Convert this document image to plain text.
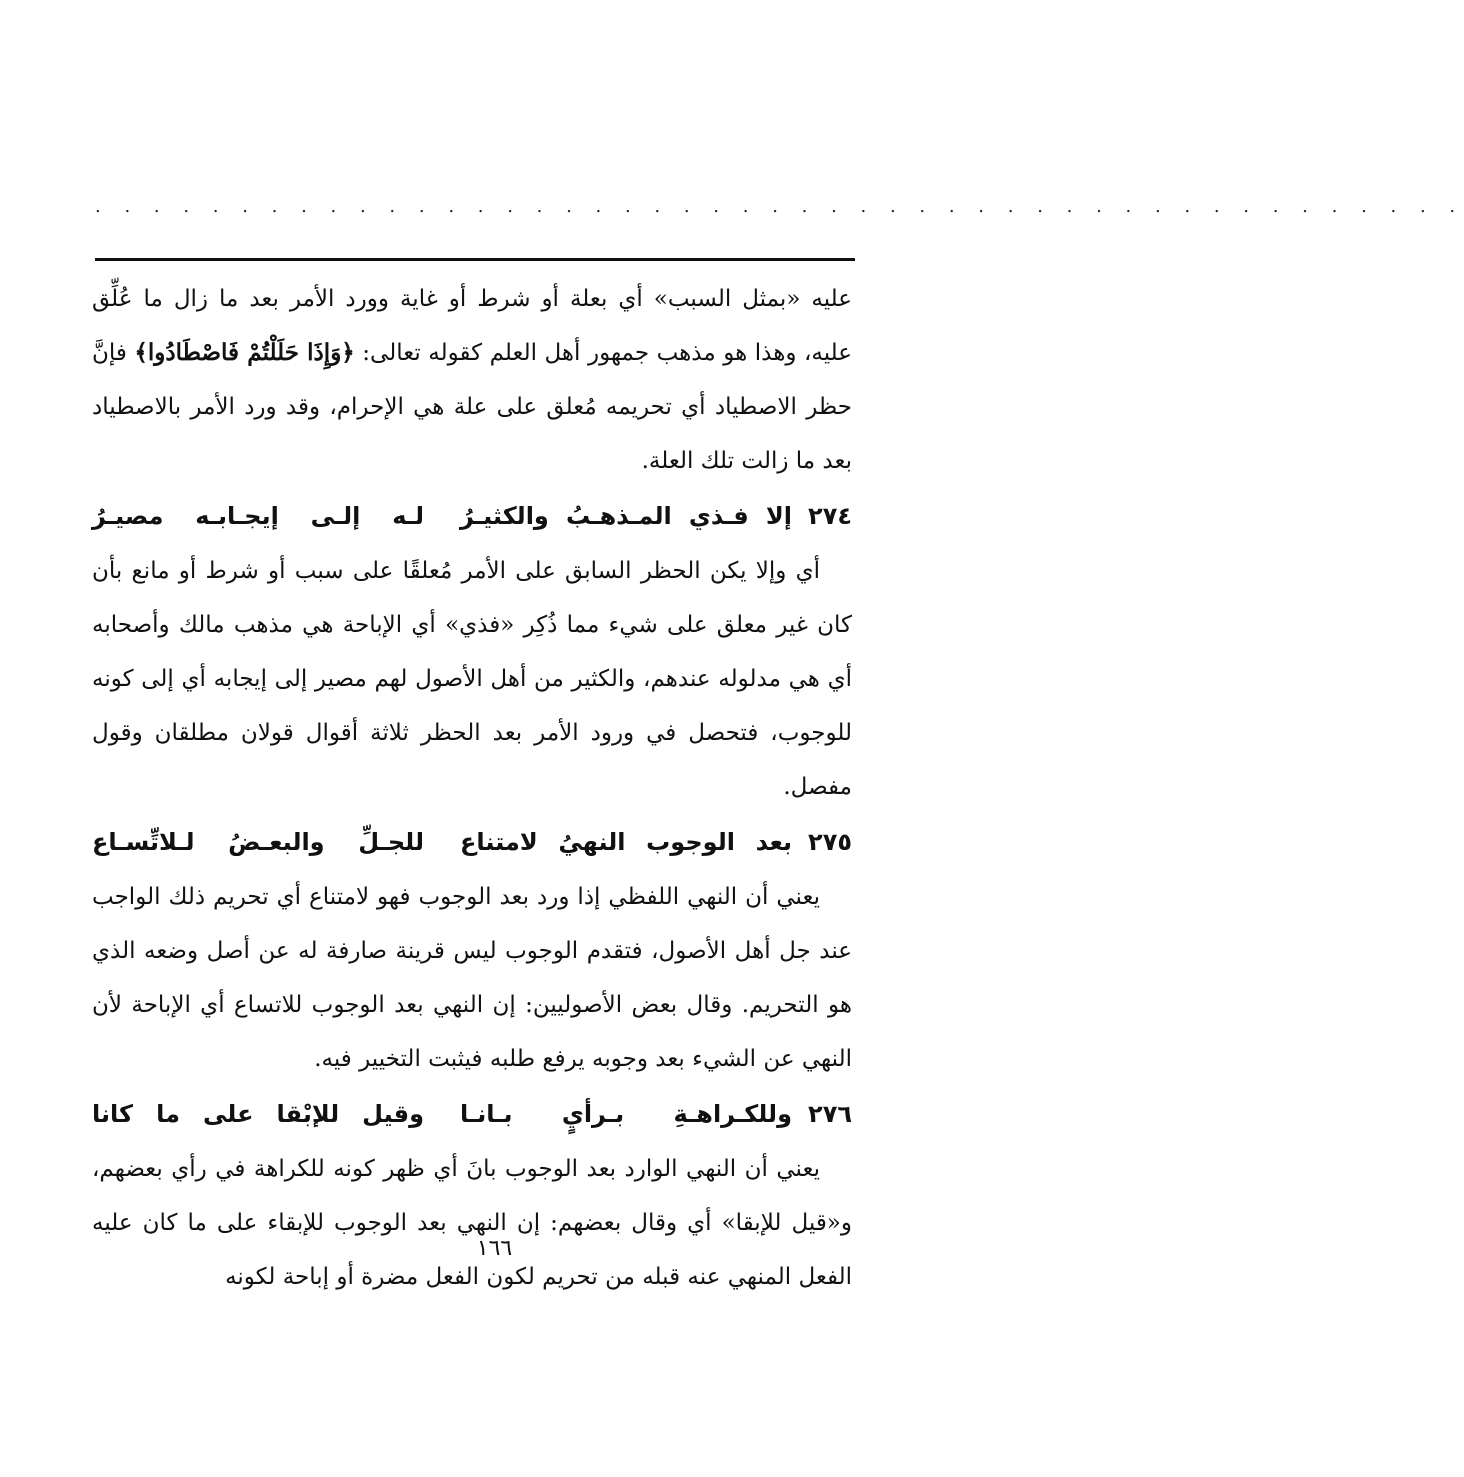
. . . . . . . . . . . . . . . . . . . . . . . . . . . . . . . . . . . . . . . . . . . . . . .

عليه «بمثل السبب» أي بعلة أو شرط أو غاية وورد الأمر بعد ما زال ما عُلِّق عليه، وهذا هو مذهب جمهور أهل العلم كقوله تعالى: ﴿وَإِذَا حَلَلْتُمْ فَاصْطَادُوا﴾ فإنَّ حظر الاصطياد أي تحريمه مُعلق على علة هي الإحرام، وقد ورد الأمر بالاصطياد بعد ما زالت تلك العلة.

٢٧٤
إلا فـذي المـذهـبُ والكثيـرُ
لـه إلـى إيجـابـه مصيـرُ

أي وإلا يكن الحظر السابق على الأمر مُعلقًا على سبب أو شرط أو مانع بأن كان غير معلق على شيء مما ذُكِر «فذي» أي الإباحة هي مذهب مالك وأصحابه أي هي مدلوله عندهم، والكثير من أهل الأصول لهم مصير إلى إيجابه أي إلى كونه للوجوب، فتحصل في ورود الأمر بعد الحظر ثلاثة أقوال قولان مطلقان وقول مفصل.

٢٧٥
بعد الوجوب النهيُ لامتناع
للجـلِّ والبعـضُ لـلاتِّسـاع

يعني أن النهي اللفظي إذا ورد بعد الوجوب فهو لامتناع أي تحريم ذلك الواجب عند جل أهل الأصول، فتقدم الوجوب ليس قرينة صارفة له عن أصل وضعه الذي هو التحريم. وقال بعض الأصوليين: إن النهي بعد الوجوب للاتساع أي الإباحة لأن النهي عن الشيء بعد وجوبه يرفع طلبه فيثبت التخيير فيه.

٢٧٦
وللكـراهـةِ بـرأيٍ بـانـا
وقيل للإبْقا على ما كانا

يعني أن النهي الوارد بعد الوجوب بانَ أي ظهر كونه للكراهة في رأي بعضهم، و«قيل للإبقا» أي وقال بعضهم: إن النهي بعد الوجوب للإبقاء على ما كان عليه الفعل المنهي عنه قبله من تحريم لكون الفعل مضرة أو إباحة لكونه

١٦٦
